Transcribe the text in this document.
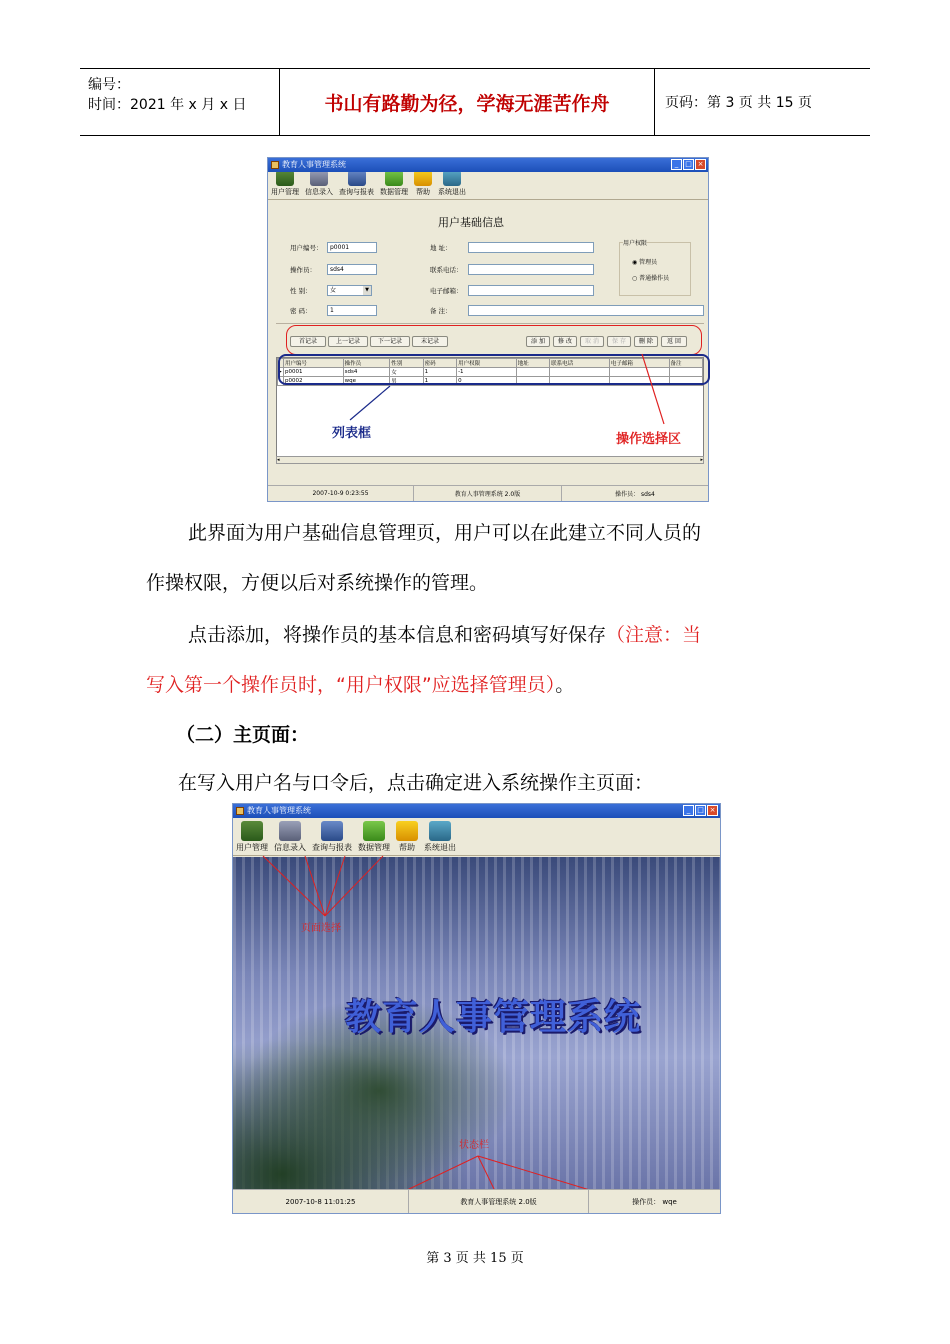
编号：
时间：2021 年 x 月 x 日	书山有路勤为径，学海无涯苦作舟	页码：第 3 页 共 15 页
教育人事管理系统	_ □ ×
用户管理 信息录入 查询与报表 数据管理 帮助 系统退出
用户基础信息
用户编号：	p0001
操作员：	sds4
性 别：	女	▼
密 码：	1
地 址：
联系电话：
电子邮箱：
备 注：
用户权限
◉ 管理员
○ 普通操作员
首记录	上一记录	下一记录	末记录	添 加	修 改	取 消	保 存	删 除	返 回
	用户编号	操作员	性别	密码	用户权限	地址	联系电话	电子邮箱	备注
▸	p0001	sds4	女	1	-1				
	p0002	wqe	男	1	0				

列表框	操作选择区
◂	▸
2007-10-9 0:23:55	教育人事管理系统 2.0版	操作员： sds4
此界面为用户基础信息管理页，用户可以在此建立不同人员的
作操权限，方便以后对系统操作的管理。
点击添加，将操作员的基本信息和密码填写好保存（注意：当
写入第一个操作员时，“用户权限”应选择管理员）。
（二）主页面：
在写入用户名与口令后，点击确定进入系统操作主页面：
教育人事管理系统	_ □ ×
用户管理 信息录入 查询与报表 数据管理 帮助 系统退出
教育人事管理系统
页面选择
状态栏
2007-10-8 11:01:25	教育人事管理系统 2.0版	操作员： wqe
第 3 页 共 15 页
